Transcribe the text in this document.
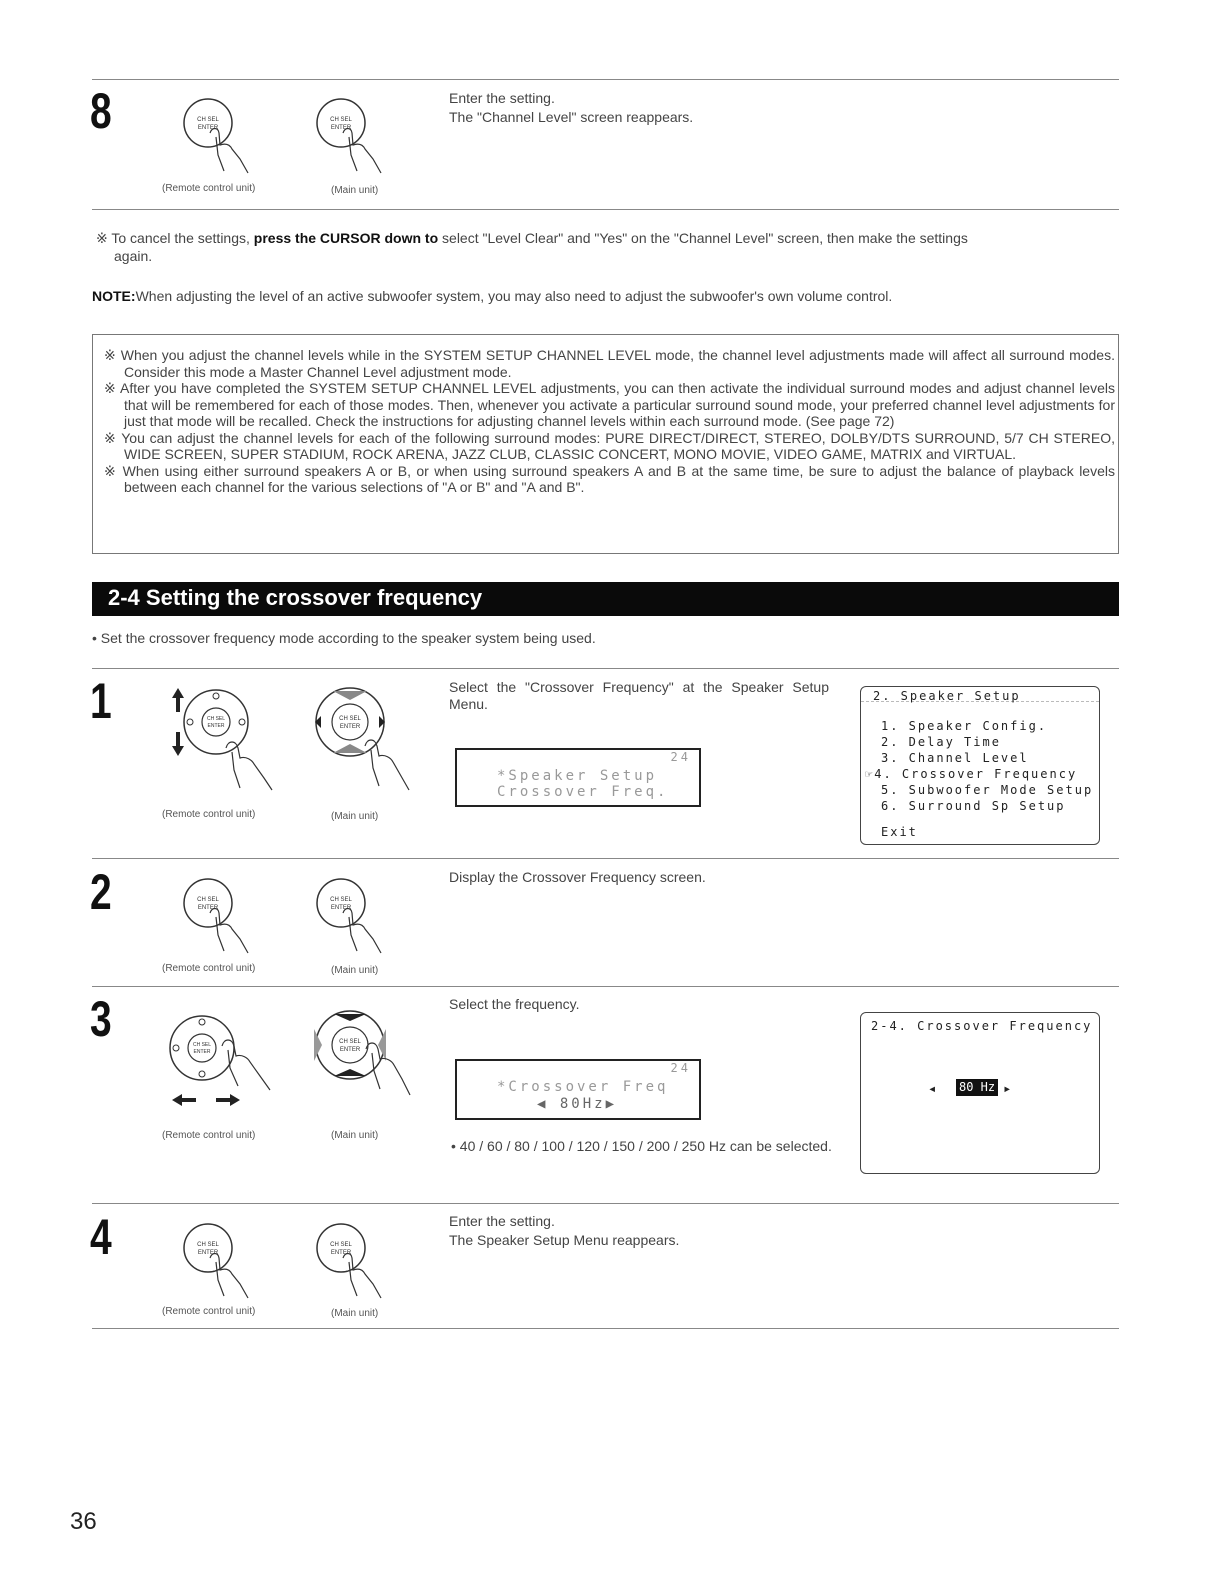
8	CH SEL
ENTER
CH SEL
ENTER
(Remote control unit)	(Main unit)
Enter the setting.
The "Channel Level" screen reappears.
※ To cancel the settings, press the CURSOR down to select "Level Clear" and "Yes" on the "Channel Level" screen, then make the settings
again.
NOTE:When adjusting the level of an active subwoofer system, you may also need to adjust the subwoofer's own volume control.

※ When you adjust the channel levels while in the SYSTEM SETUP CHANNEL LEVEL mode, the channel level adjustments made will affect all surround modes. Consider this mode a Master Channel Level adjustment mode.

※ After you have completed the SYSTEM SETUP CHANNEL LEVEL adjustments, you can then activate the individual surround modes and adjust channel levels that will be remembered for each of those modes. Then, whenever you activate a particular surround sound mode, your preferred channel level adjustments for just that mode will be recalled. Check the instructions for adjusting channel levels within each surround mode. (See page 72)

※ You can adjust the channel levels for each of the following surround modes: PURE DIRECT/DIRECT, STEREO, DOLBY/DTS SURROUND, 5/7 CH STEREO, WIDE SCREEN, SUPER STADIUM, ROCK ARENA, JAZZ CLUB, CLASSIC CONCERT, MONO MOVIE, VIDEO GAME, MATRIX and VIRTUAL.

※ When using either surround speakers A or B, or when using surround speakers A and B at the same time, be sure to adjust the balance of playback levels between each channel for the various selections of "A or B" and "A and B".

2-4 Setting the crossover frequency
• Set the crossover frequency mode according to the speaker system being used.
1	CH SEL
ENTER
CH SEL
ENTER
(Remote control unit)	(Main unit)
Select the "Crossover Frequency" at the Speaker Setup Menu.
24
*Speaker Setup
Crossover Freq.
2. Speaker Setup
1. Speaker Config.
2. Delay Time
3. Channel Level
☞4. Crossover Frequency
5. Subwoofer Mode Setup
6. Surround Sp Setup
Exit
2	CH SEL
ENTER
CH SEL
ENTER
(Remote control unit)	(Main unit)
Display the Crossover Frequency screen.
3	CH SEL
ENTER
CH SEL
ENTER
(Remote control unit)	(Main unit)
Select the frequency.
24
*Crossover Freq
◀ 80Hz▶
• 40 / 60 / 80 / 100 / 120 / 150 / 200 / 250 Hz can be selected.
2-4. Crossover Frequency
◂ 80 Hz ▸
4	CH SEL
ENTER
CH SEL
ENTER
(Remote control unit)	(Main unit)
Enter the setting.
The Speaker Setup Menu reappears.
36
